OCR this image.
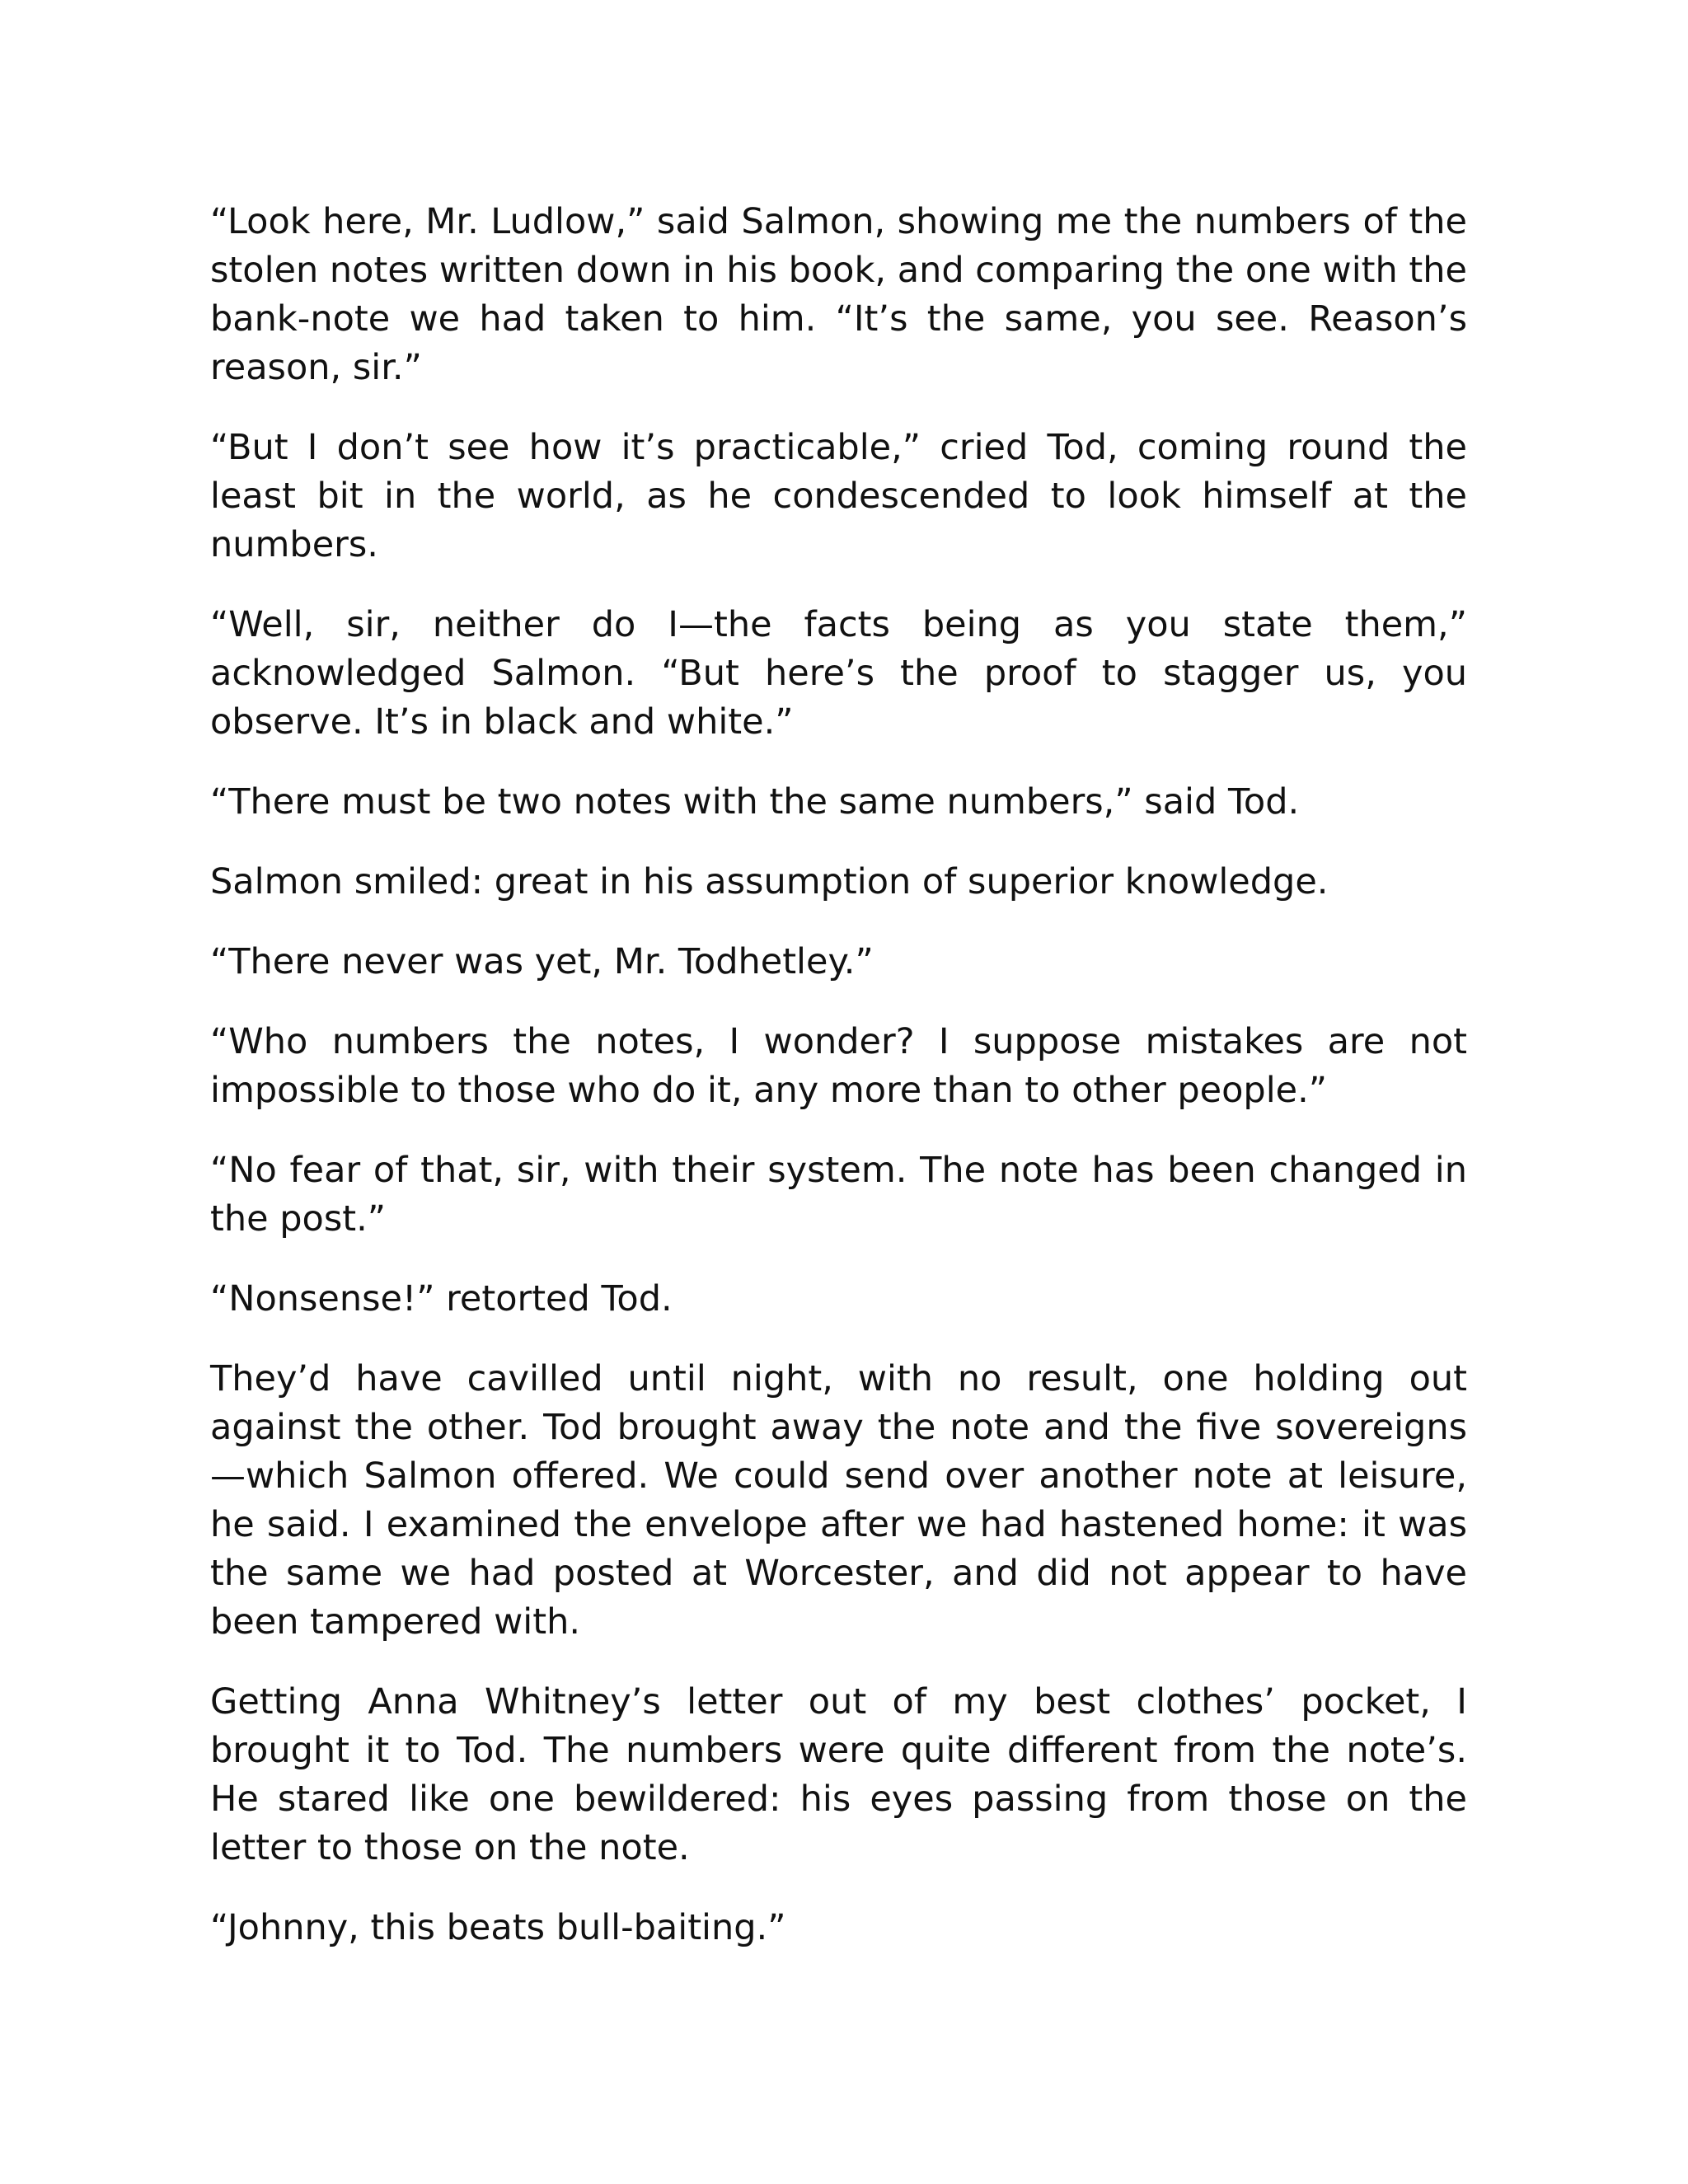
“Look here, Mr. Ludlow,” said Salmon, showing me the numbers of the stolen notes written down in his book, and comparing the one with the bank-note we had taken to him. “It’s the same, you see. Reason’s reason, sir.”

“But I don’t see how it’s practicable,” cried Tod, coming round the least bit in the world, as he condescended to look himself at the numbers.

“Well, sir, neither do I—the facts being as you state them,” acknowledged Salmon. “But here’s the proof to stagger us, you observe. It’s in black and white.”

“There must be two notes with the same numbers,” said Tod.

Salmon smiled: great in his assumption of superior knowledge.

“There never was yet, Mr. Todhetley.”

“Who numbers the notes, I wonder? I suppose mistakes are not impossible to those who do it, any more than to other people.”

“No fear of that, sir, with their system. The note has been changed in the post.”

“Nonsense!” retorted Tod.

They’d have cavilled until night, with no result, one holding out against the other. Tod brought away the note and the five sovereigns —which Salmon offered. We could send over another note at leisure, he said. I examined the envelope after we had hastened home: it was the same we had posted at Worcester, and did not appear to have been tampered with.

Getting Anna Whitney’s letter out of my best clothes’ pocket, I brought it to Tod. The numbers were quite different from the note’s. He stared like one bewildered: his eyes passing from those on the letter to those on the note.

“Johnny, this beats bull-baiting.”
